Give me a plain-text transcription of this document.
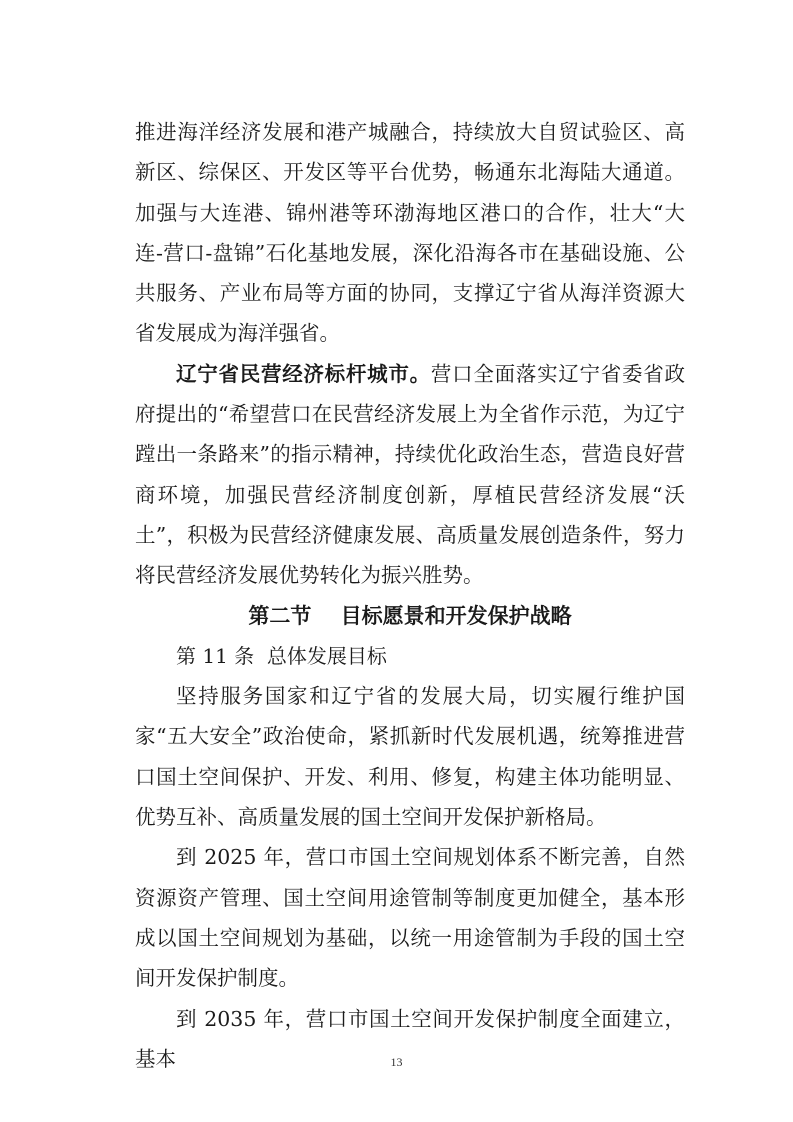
推进海洋经济发展和港产城融合，持续放大自贸试验区、高新区、综保区、开发区等平台优势，畅通东北海陆大通道。加强与大连港、锦州港等环渤海地区港口的合作，壮大“大连-营口-盘锦”石化基地发展，深化沿海各市在基础设施、公共服务、产业布局等方面的协同，支撑辽宁省从海洋资源大省发展成为海洋强省。

辽宁省民营经济标杆城市。营口全面落实辽宁省委省政府提出的“希望营口在民营经济发展上为全省作示范，为辽宁蹚出一条路来”的指示精神，持续优化政治生态，营造良好营商环境，加强民营经济制度创新，厚植民营经济发展“沃土”，积极为民营经济健康发展、高质量发展创造条件，努力将民营经济发展优势转化为振兴胜势。

第二节    目标愿景和开发保护战略

第 11 条  总体发展目标

坚持服务国家和辽宁省的发展大局，切实履行维护国家“五大安全”政治使命，紧抓新时代发展机遇，统筹推进营口国土空间保护、开发、利用、修复，构建主体功能明显、优势互补、高质量发展的国土空间开发保护新格局。

到 2025 年，营口市国土空间规划体系不断完善，自然资源资产管理、国土空间用途管制等制度更加健全，基本形成以国土空间规划为基础，以统一用途管制为手段的国土空间开发保护制度。

到 2035 年，营口市国土空间开发保护制度全面建立，基本	13
